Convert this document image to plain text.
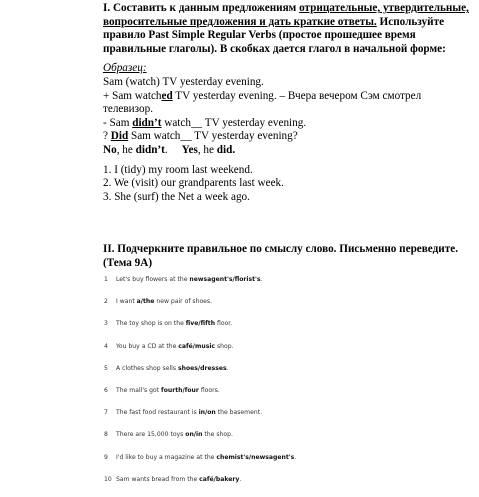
I. Составить к данным предложениям отрицательные, утвердительные, вопросительные предложения и дать краткие ответы. Используйте правило Past Simple Regular Verbs (простое прошедшее время правильные глаголы). В скобках дается глагол в начальной форме:

Образец:

Sam (watch) TV yesterday evening.

+ Sam watched TV yesterday evening. – Вчера вечером Сэм смотрел телевизор.

- Sam didn’t watch__ TV yesterday evening.

? Did Sam watch__ TV yesterday evening?

No, he didn’t.     Yes, he did.

1. I (tidy) my room last weekend.

2. We (visit) our grandparents last week.

3. She (surf) the Net a week ago.

II. Подчеркните правильное по смыслу слово. Письменно переведите. (Тема 9А)

1 Let's buy flowers at the newsagent's/florist's.
2 I want a/the new pair of shoes.
3 The toy shop is on the five/fifth floor.
4 You buy a CD at the café/music shop.
5 A clothes shop sells shoes/dresses.
6 The mall's got fourth/four floors.
7 The fast food restaurant is in/on the basement.
8 There are 15,000 toys on/in the shop.
9 I'd like to buy a magazine at the chemist's/newsagent's.
10 Sam wants bread from the café/bakery.
